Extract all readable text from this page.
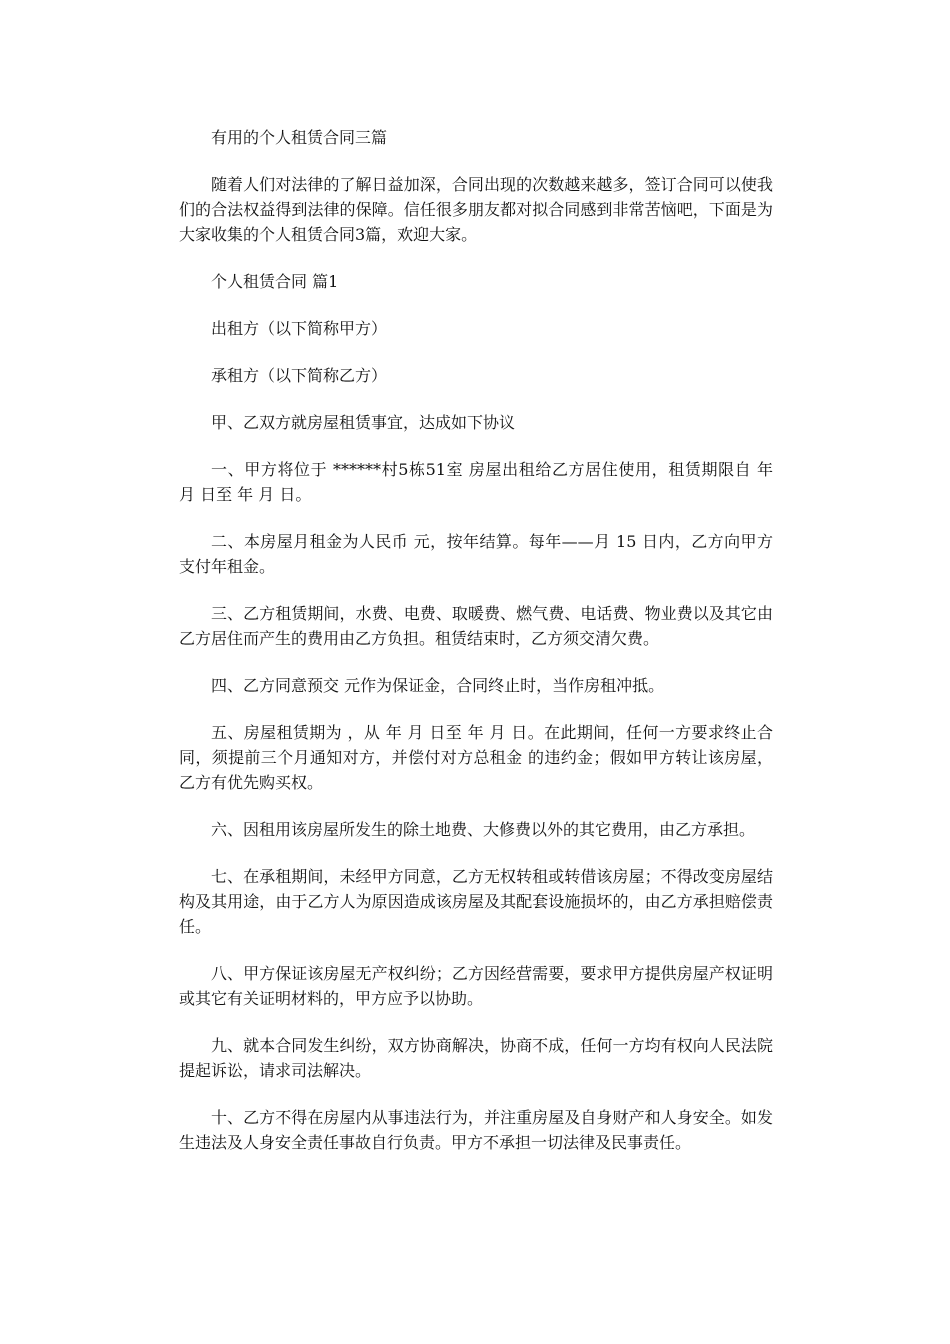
有用的个人租赁合同三篇

随着人们对法律的了解日益加深，合同出现的次数越来越多，签订合同可以使我们的合法权益得到法律的保障。信任很多朋友都对拟合同感到非常苦恼吧，下面是为大家收集的个人租赁合同3篇，欢迎大家。

个人租赁合同 篇1

出租方（以下简称甲方）

承租方（以下简称乙方）

甲、乙双方就房屋租赁事宜，达成如下协议

一、甲方将位于 ******村5栋51室 房屋出租给乙方居住使用，租赁期限自 年 月 日至 年 月 日。

二、本房屋月租金为人民币 元，按年结算。每年——月 15 日内，乙方向甲方支付年租金。

三、乙方租赁期间，水费、电费、取暖费、燃气费、电话费、物业费以及其它由乙方居住而产生的费用由乙方负担。租赁结束时，乙方须交清欠费。

四、乙方同意预交 元作为保证金，合同终止时，当作房租冲抵。

五、房屋租赁期为 ，从 年 月 日至 年 月 日。在此期间，任何一方要求终止合同，须提前三个月通知对方，并偿付对方总租金 的违约金；假如甲方转让该房屋，乙方有优先购买权。

六、因租用该房屋所发生的除土地费、大修费以外的其它费用，由乙方承担。

七、在承租期间，未经甲方同意，乙方无权转租或转借该房屋；不得改变房屋结构及其用途，由于乙方人为原因造成该房屋及其配套设施损坏的，由乙方承担赔偿责任。

八、甲方保证该房屋无产权纠纷；乙方因经营需要，要求甲方提供房屋产权证明或其它有关证明材料的，甲方应予以协助。

九、就本合同发生纠纷，双方协商解决，协商不成，任何一方均有权向人民法院提起诉讼，请求司法解决。

十、乙方不得在房屋内从事违法行为，并注重房屋及自身财产和人身安全。如发生违法及人身安全责任事故自行负责。甲方不承担一切法律及民事责任。
